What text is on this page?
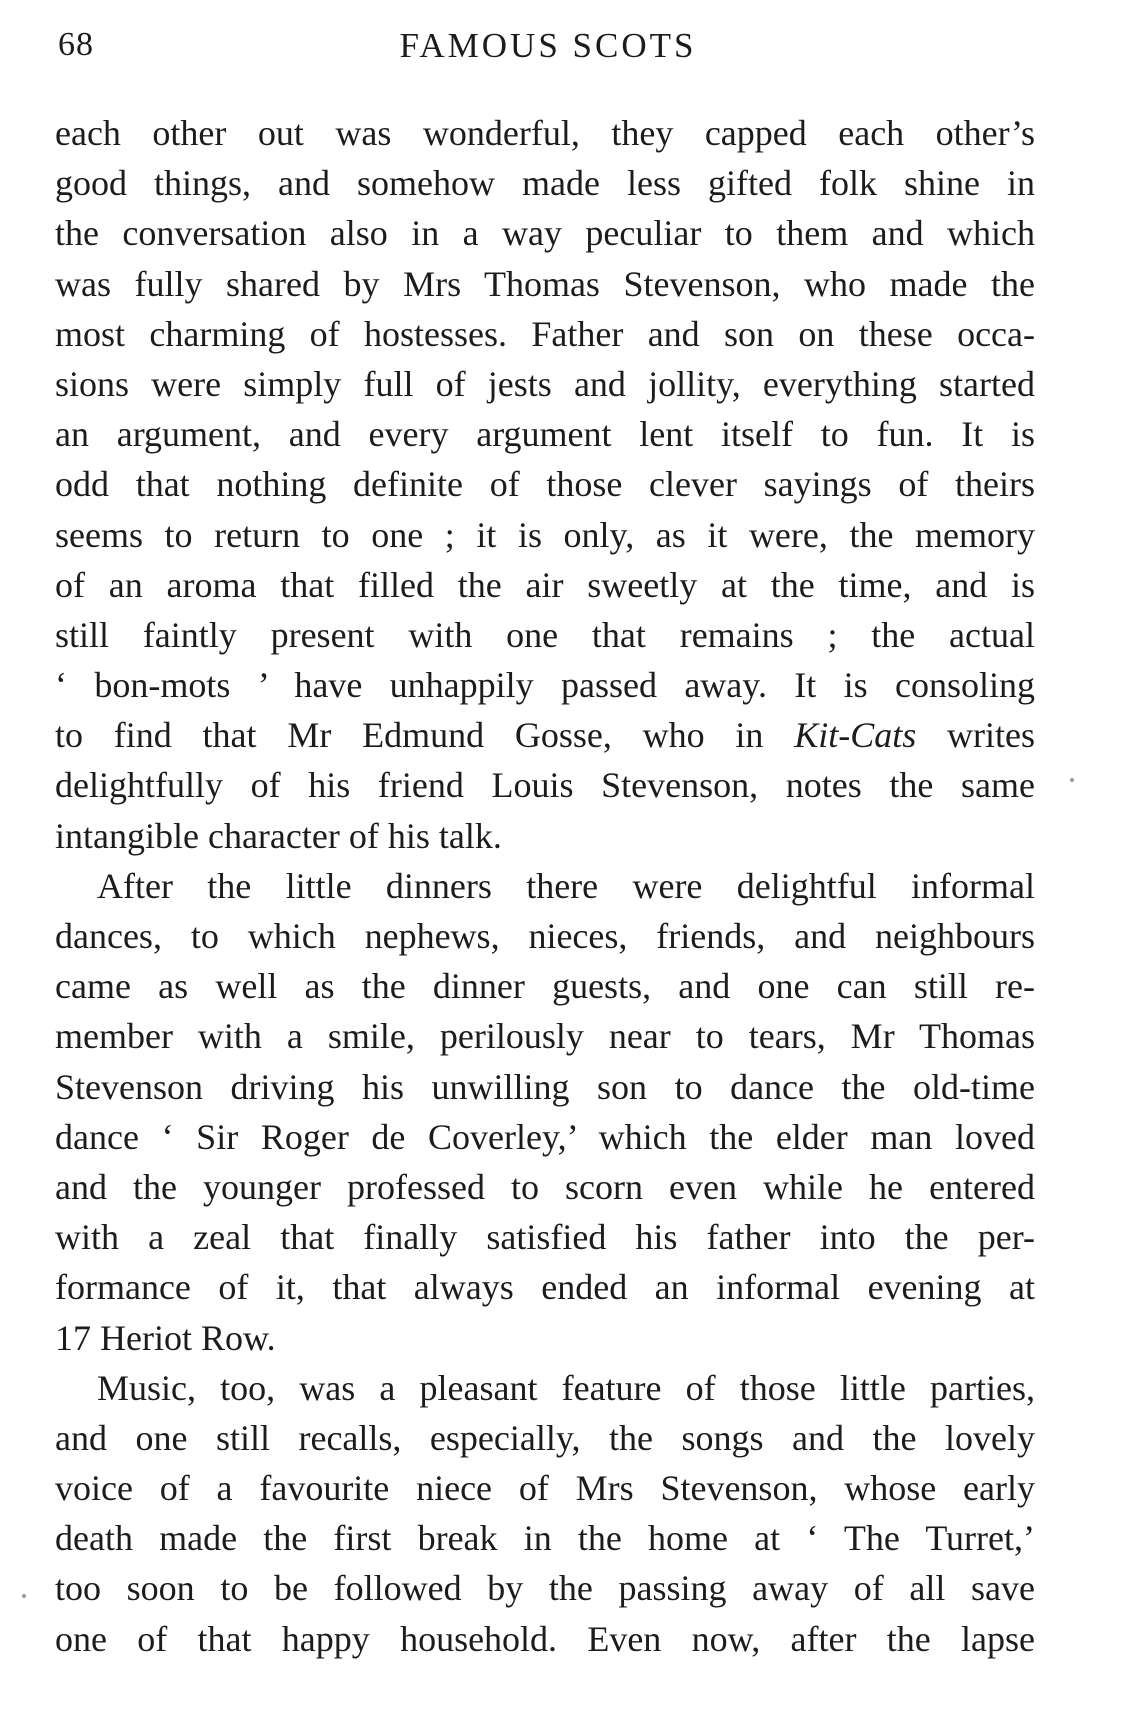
68	FAMOUS SCOTS
each other out was wonderful, they capped each other’s
good things, and somehow made less gifted folk shine in
the conversation also in a way peculiar to them and which
was fully shared by Mrs Thomas Stevenson, who made the
most charming of hostesses. Father and son on these occa-
sions were simply full of jests and jollity, everything started
an argument, and every argument lent itself to fun. It is
odd that nothing definite of those clever sayings of theirs
seems to return to one ; it is only, as it were, the memory
of an aroma that filled the air sweetly at the time, and is
still faintly present with one that remains ; the actual
‘ bon-mots ’ have unhappily passed away. It is consoling
to find that Mr Edmund Gosse, who in Kit-Cats writes
delightfully of his friend Louis Stevenson, notes the same
intangible character of his talk.
After the little dinners there were delightful informal
dances, to which nephews, nieces, friends, and neighbours
came as well as the dinner guests, and one can still re-
member with a smile, perilously near to tears, Mr Thomas
Stevenson driving his unwilling son to dance the old-time
dance ‘ Sir Roger de Coverley,’ which the elder man loved
and the younger professed to scorn even while he entered
with a zeal that finally satisfied his father into the per-
formance of it, that always ended an informal evening at
17 Heriot Row.
Music, too, was a pleasant feature of those little parties,
and one still recalls, especially, the songs and the lovely
voice of a favourite niece of Mrs Stevenson, whose early
death made the first break in the home at ‘ The Turret,’
too soon to be followed by the passing away of all save
one of that happy household. Even now, after the lapse
